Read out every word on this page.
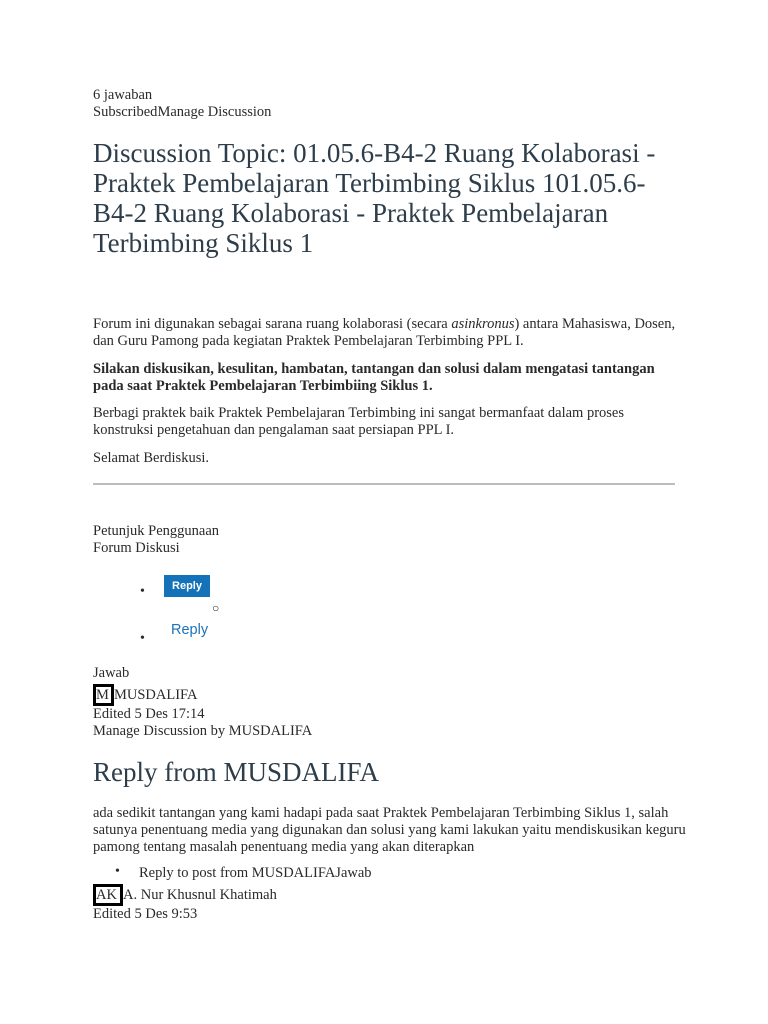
6 jawaban
SubscribedManage Discussion
Discussion Topic: 01.05.6-B4-2 Ruang Kolaborasi - Praktek Pembelajaran Terbimbing Siklus 101.05.6-B4-2 Ruang Kolaborasi - Praktek Pembelajaran Terbimbing Siklus 1

Forum ini digunakan sebagai sarana ruang kolaborasi (secara asinkronus) antara Mahasiswa, Dosen, dan Guru Pamong pada kegiatan Praktek Pembelajaran Terbimbing PPL I.

Silakan diskusikan, kesulitan, hambatan, tantangan dan solusi dalam mengatasi tantangan pada saat Praktek Pembelajaran Terbimbiing Siklus 1.

Berbagi praktek baik Praktek Pembelajaran Terbimbing ini sangat bermanfaat dalam proses konstruksi pengetahuan dan pengalaman saat persiapan PPL I.

Selamat Berdiskusi.

Petunjuk Penggunaan
Forum Diskusi
•	Reply
○
•
Reply
Jawab
M MUSDALIFA
Edited 5 Des 17:14
Manage Discussion by MUSDALIFA
Reply from MUSDALIFA

ada sedikit tantangan yang kami hadapi pada saat Praktek Pembelajaran Terbimbing Siklus 1, salah satunya penentuang media yang digunakan dan solusi yang kami lakukan yaitu mendiskusikan keguru pamong tentang masalah penentuang media yang akan diterapkan

• Reply to post from MUSDALIFAJawab
AK A. Nur Khusnul Khatimah
Edited 5 Des 9:53
